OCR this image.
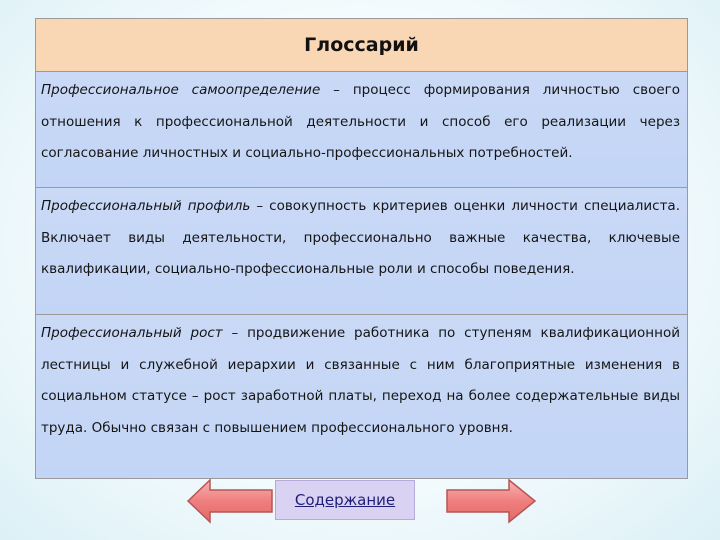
Глоссарий
Профессиональное самоопределение – процесс формирования личностью своего отношения к профессиональной деятельности и способ его реализации через согласование личностных и социально-профессиональных потребностей.
Профессиональный профиль – совокупность критериев оценки личности специалиста. Включает виды деятельности, профессионально важные качества, ключевые квалификации, социально-профессиональные роли и способы поведения.
Профессиональный рост – продвижение работника по ступеням квалификационной лестницы и служебной иерархии и связанные с ним благоприятные изменения в социальном статусе – рост заработной платы, переход на более содержательные виды труда. Обычно связан с повышением профессионального уровня.
Содержание
